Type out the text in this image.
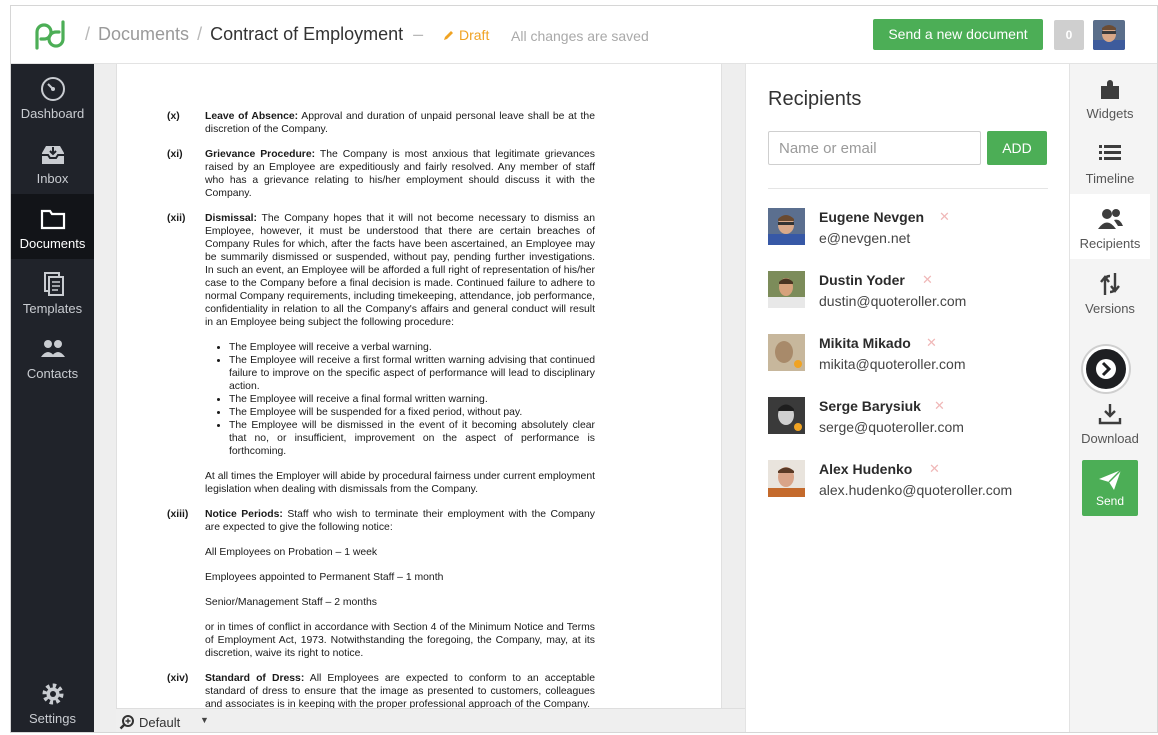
/ Documents / Contract of Employment –	Draft All changes are saved	Send a new document	0
Dashboard
Inbox
Documents
Templates
Contacts
Settings
(x) Leave of Absence: Approval and duration of unpaid personal leave shall be at the discretion of the Company.
(xi) Grievance Procedure: The Company is most anxious that legitimate grievances raised by an Employee are expeditiously and fairly resolved. Any member of staff who has a grievance relating to his/her employment should discuss it with the Company.
(xii) Dismissal: The Company hopes that it will not become necessary to dismiss an Employee, however, it must be understood that there are certain breaches of Company Rules for which, after the facts have been ascertained, an Employee may be summarily dismissed or suspended, without pay, pending further investigations. In such an event, an Employee will be afforded a full right of representation of his/her case to the Company before a final decision is made. Continued failure to adhere to normal Company requirements, including timekeeping, attendance, job performance, confidentiality in relation to all the Company's affairs and general conduct will result in an Employee being subject the following procedure:
• The Employee will receive a verbal warning.
• The Employee will receive a first formal written warning advising that continued failure to improve on the specific aspect of performance will lead to disciplinary action.
• The Employee will receive a final formal written warning.
• The Employee will be suspended for a fixed period, without pay.
• The Employee will be dismissed in the event of it becoming absolutely clear that no, or insufficient, improvement on the aspect of performance is forthcoming.

At all times the Employer will abide by procedural fairness under current employment legislation when dealing with dismissals from the Company.

(xiii) Notice Periods: Staff who wish to terminate their employment with the Company are expected to give the following notice:

All Employees on Probation – 1 week

Employees appointed to Permanent Staff – 1 month

Senior/Management Staff – 2 months

or in times of conflict in accordance with Section 4 of the Minimum Notice and Terms of Employment Act, 1973. Notwithstanding the foregoing, the Company, may, at its discretion, waive its right to notice.

(xiv) Standard of Dress: All Employees are expected to conform to an acceptable standard of dress to ensure that the image as presented to customers, colleagues and associates is in keeping with the proper professional approach of the Company.
Default ▼
Recipients
Name or email
ADD
Eugene Nevgen ✕
e@nevgen.net
Dustin Yoder ✕
dustin@quoteroller.com
Mikita Mikado ✕
mikita@quoteroller.com
Serge Barysiuk ✕
serge@quoteroller.com
Alex Hudenko ✕
alex.hudenko@quoteroller.com
Widgets
Timeline
Recipients
Versions
Download
Send
